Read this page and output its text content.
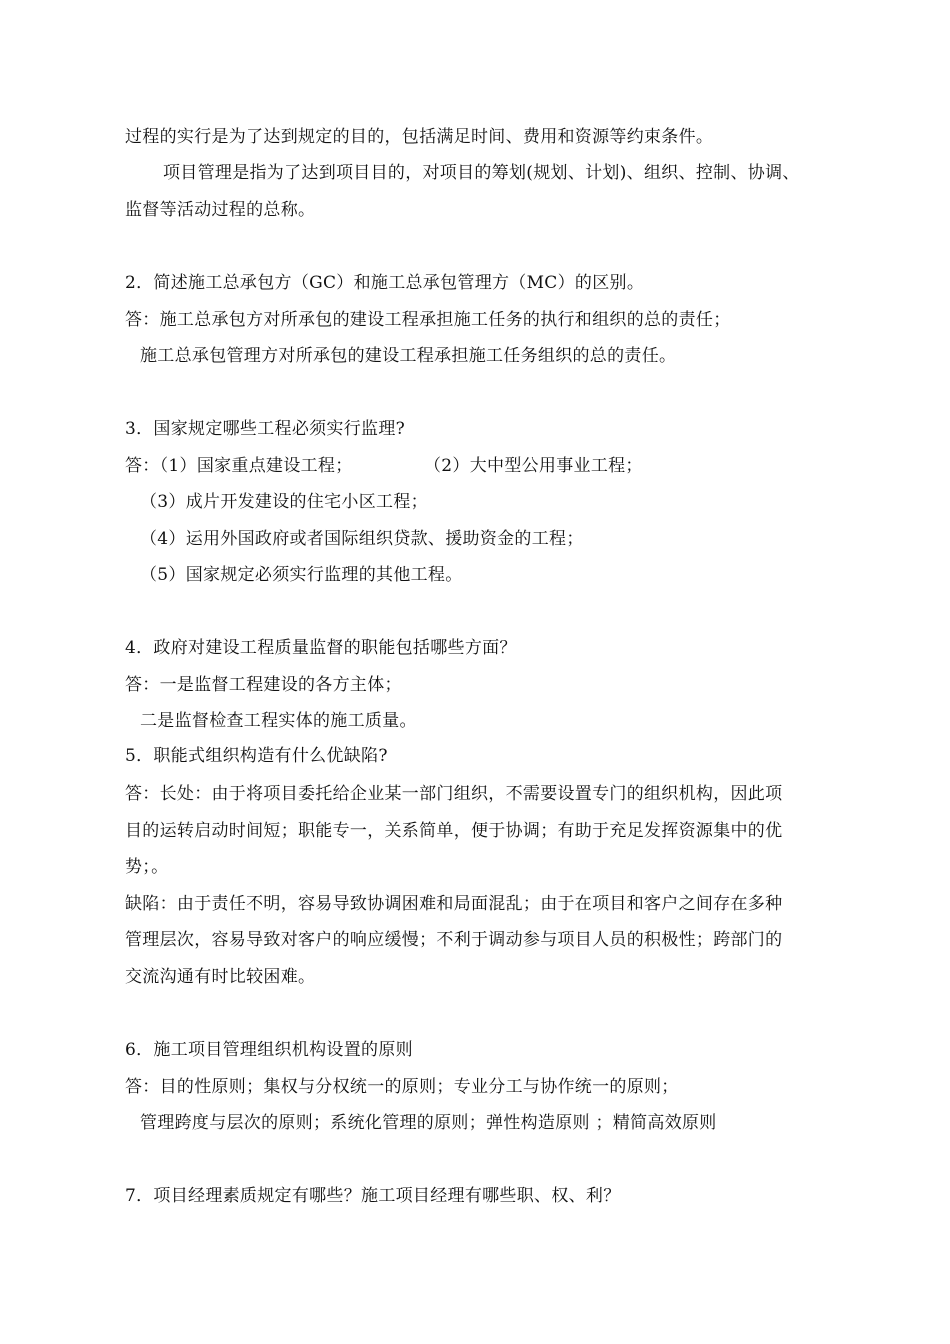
过程的实行是为了达到规定的目的，包括满足时间、费用和资源等约束条件。
项目管理是指为了达到项目目的，对项目的筹划(规划、计划)、组织、控制、协调、
监督等活动过程的总称。
2．简述施工总承包方（GC）和施工总承包管理方（MC）的区别。
答：施工总承包方对所承包的建设工程承担施工任务的执行和组织的总的责任；
施工总承包管理方对所承包的建设工程承担施工任务组织的总的责任。
3．国家规定哪些工程必须实行监理?
答：（1）国家重点建设工程；	（2）大中型公用事业工程；
（3）成片开发建设的住宅小区工程；
（4）运用外国政府或者国际组织贷款、援助资金的工程；
（5）国家规定必须实行监理的其他工程。
4．政府对建设工程质量监督的职能包括哪些方面？
答：一是监督工程建设的各方主体；
二是监督检查工程实体的施工质量。
5．职能式组织构造有什么优缺陷?
答：长处：由于将项目委托给企业某一部门组织，不需要设置专门的组织机构，因此项
目的运转启动时间短；职能专一，关系简单，便于协调；有助于充足发挥资源集中的优
势；。
缺陷：由于责任不明，容易导致协调困难和局面混乱；由于在项目和客户之间存在多种
管理层次，容易导致对客户的响应缓慢；不利于调动参与项目人员的积极性；跨部门的
交流沟通有时比较困难。
6．施工项目管理组织机构设置的原则
答：目的性原则；集权与分权统一的原则；专业分工与协作统一的原则；
管理跨度与层次的原则；系统化管理的原则；弹性构造原则 ；精简高效原则
7．项目经理素质规定有哪些？施工项目经理有哪些职、权、利？
